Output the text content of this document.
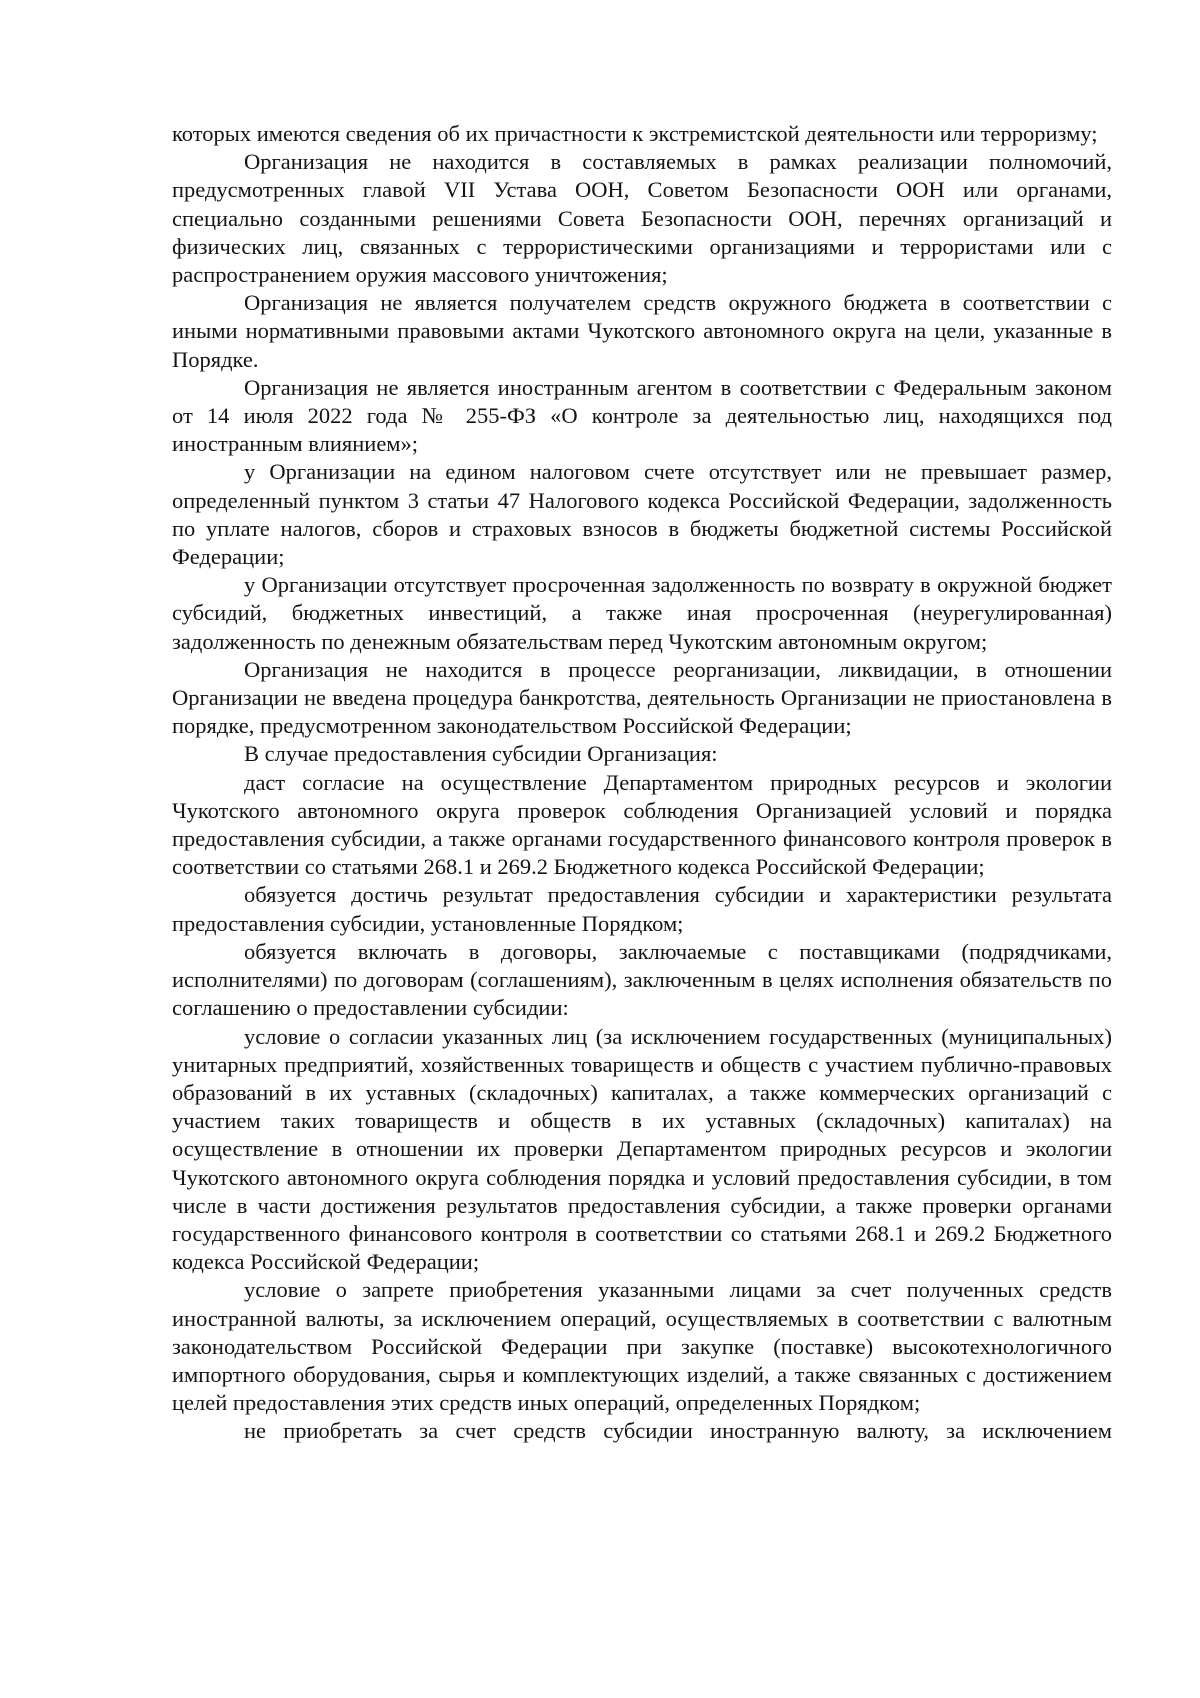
которых имеются сведения об их причастности к экстремистской деятельности или терроризму;

Организация не находится в составляемых в рамках реализации полномочий, предусмотренных главой VII Устава ООН, Советом Безопасности ООН или органами, специально созданными решениями Совета Безопасности ООН, перечнях организаций и физических лиц, связанных с террористическими организациями и террористами или с распространением оружия массового уничтожения;

Организация не является получателем средств окружного бюджета в соответствии с иными нормативными правовыми актами Чукотского автономного округа на цели, указанные в Порядке.

Организация не является иностранным агентом в соответствии с Федеральным законом от 14 июля 2022 года № 255-ФЗ «О контроле за деятельностью лиц, находящихся под иностранным влиянием»;

у Организации на едином налоговом счете отсутствует или не превышает размер, определенный пунктом 3 статьи 47 Налогового кодекса Российской Федерации, задолженность по уплате налогов, сборов и страховых взносов в бюджеты бюджетной системы Российской Федерации;

у Организации отсутствует просроченная задолженность по возврату в окружной бюджет субсидий, бюджетных инвестиций, а также иная просроченная (неурегулированная) задолженность по денежным обязательствам перед Чукотским автономным округом;

Организация не находится в процессе реорганизации, ликвидации, в отношении Организации не введена процедура банкротства, деятельность Организации не приостановлена в порядке, предусмотренном законодательством Российской Федерации;

В случае предоставления субсидии Организация:

даст согласие на осуществление Департаментом природных ресурсов и экологии Чукотского автономного округа проверок соблюдения Организацией условий и порядка предоставления субсидии, а также органами государственного финансового контроля проверок в соответствии со статьями 268.1 и 269.2 Бюджетного кодекса Российской Федерации;

обязуется достичь результат предоставления субсидии и характеристики результата предоставления субсидии, установленные Порядком;

обязуется включать в договоры, заключаемые с поставщиками (подрядчиками, исполнителями) по договорам (соглашениям), заключенным в целях исполнения обязательств по соглашению о предоставлении субсидии:

условие о согласии указанных лиц (за исключением государственных (муниципальных) унитарных предприятий, хозяйственных товариществ и обществ с участием публично-правовых образований в их уставных (складочных) капиталах, а также коммерческих организаций с участием таких товариществ и обществ в их уставных (складочных) капиталах) на осуществление в отношении их проверки Департаментом природных ресурсов и экологии Чукотского автономного округа соблюдения порядка и условий предоставления субсидии, в том числе в части достижения результатов предоставления субсидии, а также проверки органами государственного финансового контроля в соответствии со статьями 268.1 и 269.2 Бюджетного кодекса Российской Федерации;

условие о запрете приобретения указанными лицами за счет полученных средств иностранной валюты, за исключением операций, осуществляемых в соответствии с валютным законодательством Российской Федерации при закупке (поставке) высокотехнологичного импортного оборудования, сырья и комплектующих изделий, а также связанных с достижением целей предоставления этих средств иных операций, определенных Порядком;

не приобретать за счет средств субсидии иностранную валюту, за исключением
